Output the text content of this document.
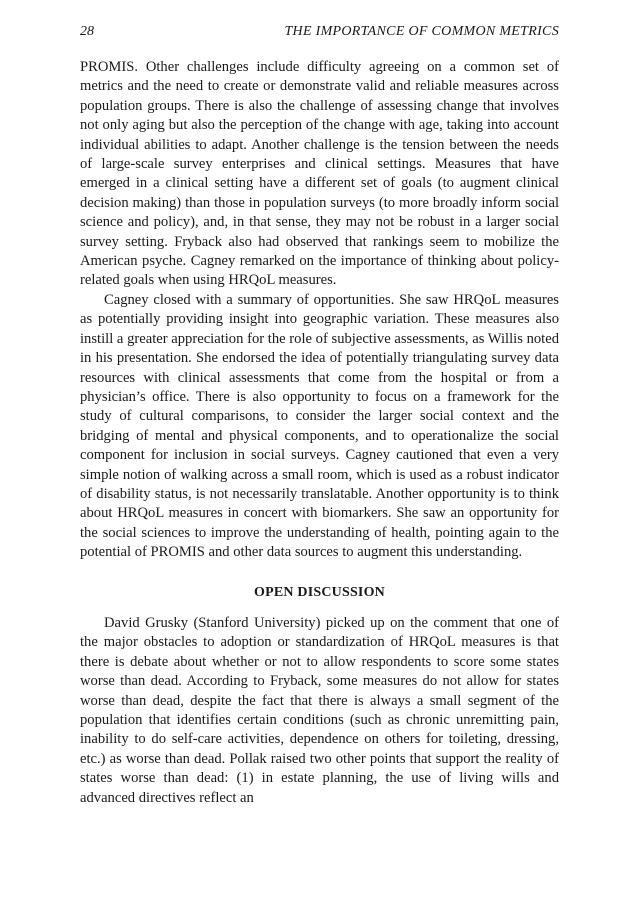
28	THE IMPORTANCE OF COMMON METRICS

PROMIS. Other challenges include difficulty agreeing on a common set of metrics and the need to create or demonstrate valid and reliable measures across population groups. There is also the challenge of assessing change that involves not only aging but also the perception of the change with age, taking into account individual abilities to adapt. Another challenge is the tension between the needs of large-scale survey enterprises and clinical settings. Measures that have emerged in a clinical setting have a different set of goals (to augment clinical decision making) than those in population surveys (to more broadly inform social science and policy), and, in that sense, they may not be robust in a larger social survey setting. Fryback also had observed that rankings seem to mobilize the American psyche. Cagney remarked on the importance of thinking about policy-related goals when using HRQoL measures.

Cagney closed with a summary of opportunities. She saw HRQoL measures as potentially providing insight into geographic variation. These measures also instill a greater appreciation for the role of subjective assessments, as Willis noted in his presentation. She endorsed the idea of potentially triangulating survey data resources with clinical assessments that come from the hospital or from a physician’s office. There is also opportunity to focus on a framework for the study of cultural comparisons, to consider the larger social context and the bridging of mental and physical components, and to operationalize the social component for inclusion in social surveys. Cagney cautioned that even a very simple notion of walking across a small room, which is used as a robust indicator of disability status, is not necessarily translatable. Another opportunity is to think about HRQoL measures in concert with biomarkers. She saw an opportunity for the social sciences to improve the understanding of health, pointing again to the potential of PROMIS and other data sources to augment this understanding.

OPEN DISCUSSION

David Grusky (Stanford University) picked up on the comment that one of the major obstacles to adoption or standardization of HRQoL measures is that there is debate about whether or not to allow respondents to score some states worse than dead. According to Fryback, some measures do not allow for states worse than dead, despite the fact that there is always a small segment of the population that identifies certain conditions (such as chronic unremitting pain, inability to do self-care activities, dependence on others for toileting, dressing, etc.) as worse than dead. Pollak raised two other points that support the reality of states worse than dead: (1) in estate planning, the use of living wills and advanced directives reflect an
